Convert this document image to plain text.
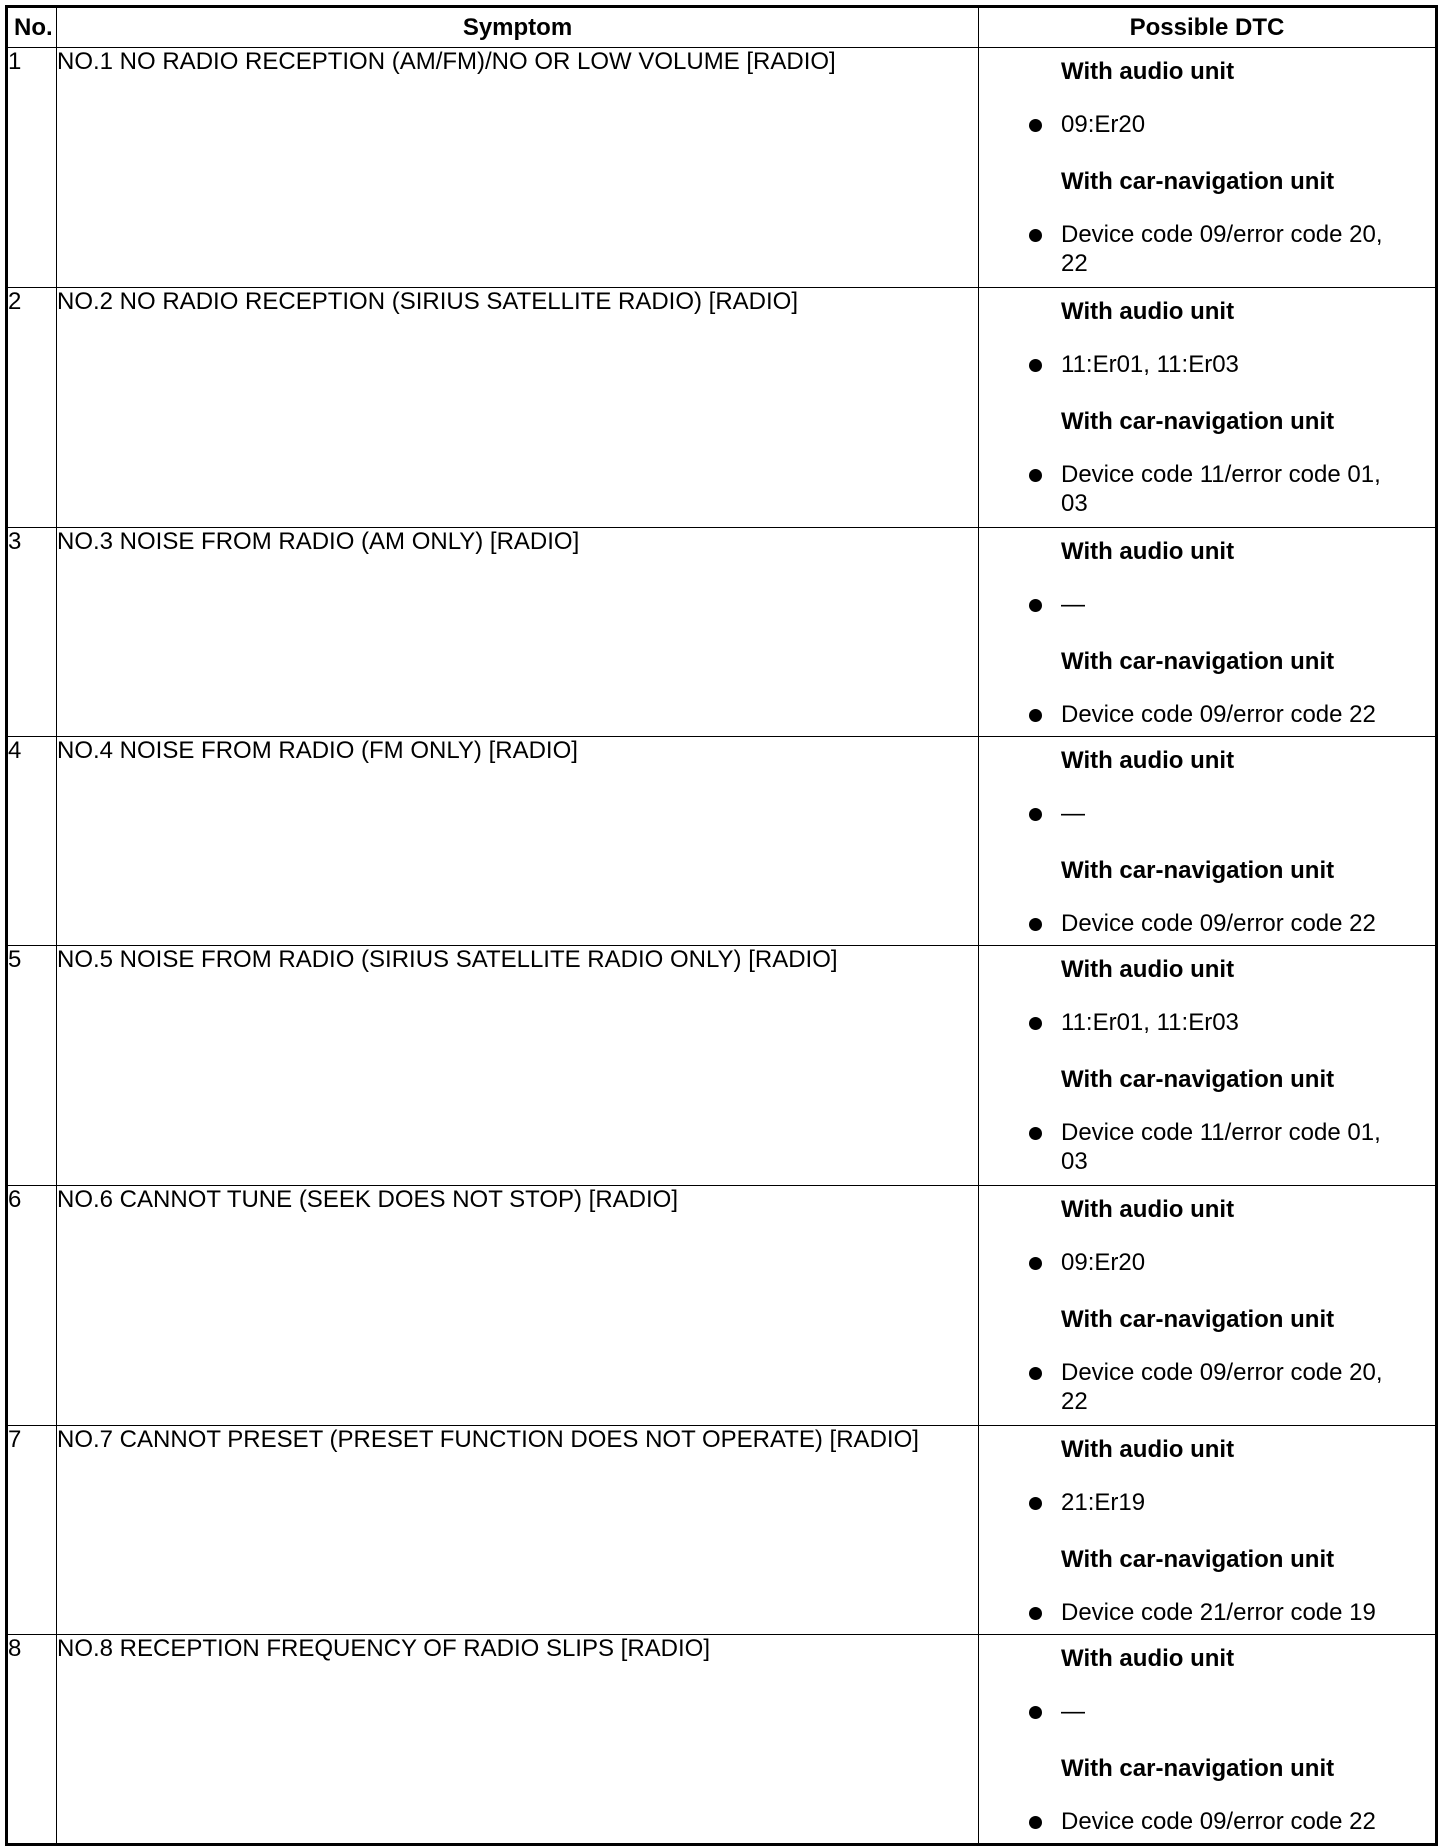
No.	Symptom	Possible DTC
1	NO.1 NO RADIO RECEPTION (AM/FM)/NO OR LOW VOLUME [RADIO]	With audio unit
09:Er20
With car-navigation unit
Device code 09/error code 20, 22

2	NO.2 NO RADIO RECEPTION (SIRIUS SATELLITE RADIO) [RADIO]	With audio unit
11:Er01, 11:Er03
With car-navigation unit
Device code 11/error code 01, 03

3	NO.3 NOISE FROM RADIO (AM ONLY) [RADIO]	With audio unit
—
With car-navigation unit
Device code 09/error code 22

4	NO.4 NOISE FROM RADIO (FM ONLY) [RADIO]	With audio unit
—
With car-navigation unit
Device code 09/error code 22

5	NO.5 NOISE FROM RADIO (SIRIUS SATELLITE RADIO ONLY) [RADIO]	With audio unit
11:Er01, 11:Er03
With car-navigation unit
Device code 11/error code 01, 03

6	NO.6 CANNOT TUNE (SEEK DOES NOT STOP) [RADIO]	With audio unit
09:Er20
With car-navigation unit
Device code 09/error code 20, 22

7	NO.7 CANNOT PRESET (PRESET FUNCTION DOES NOT OPERATE) [RADIO]	With audio unit
21:Er19
With car-navigation unit
Device code 21/error code 19

8	NO.8 RECEPTION FREQUENCY OF RADIO SLIPS [RADIO]	With audio unit
—
With car-navigation unit
Device code 09/error code 22
